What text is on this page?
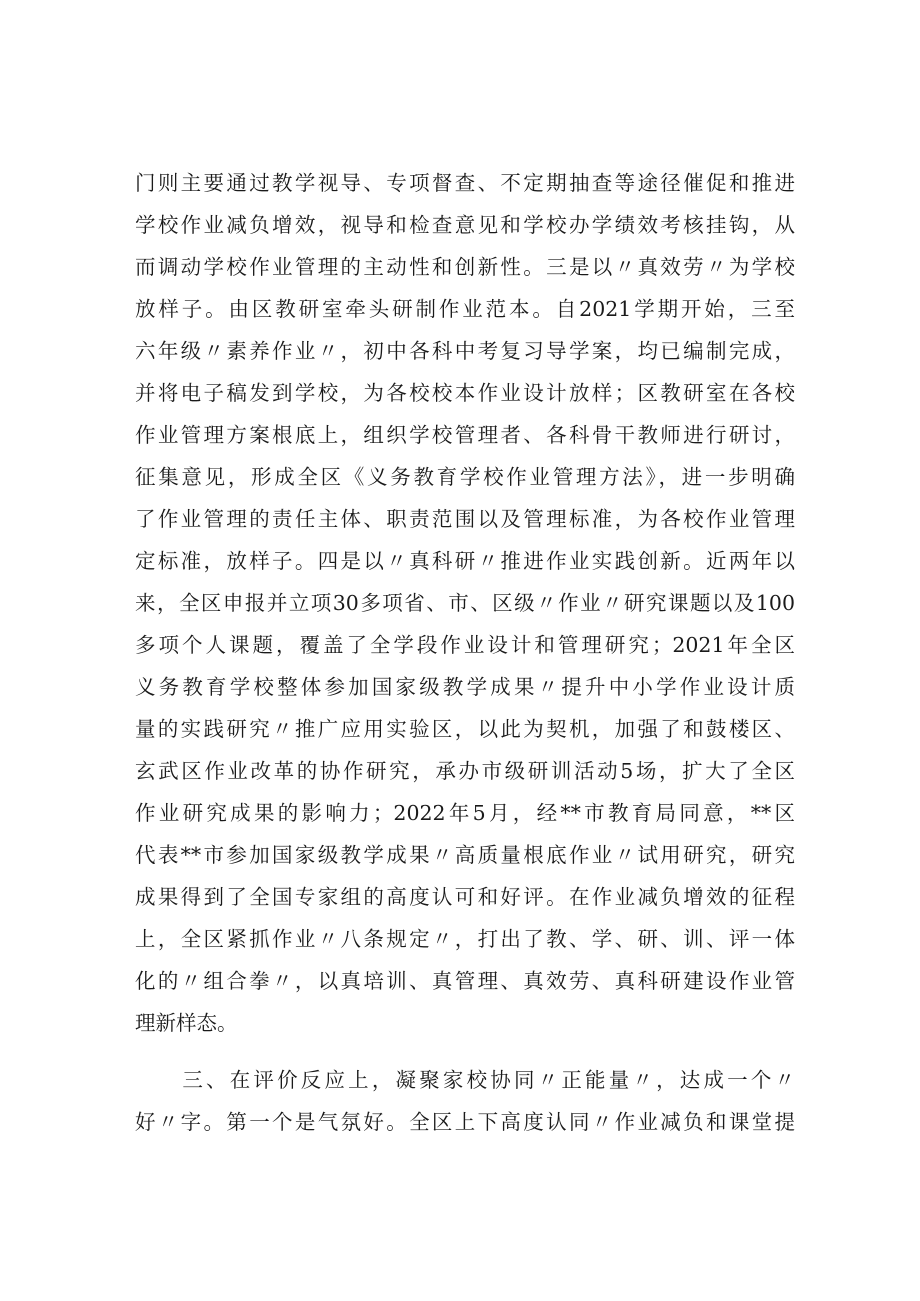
门则主要通过教学视导、专项督查、不定期抽查等途径催促和推进
学校作业减负增效，视导和检查意见和学校办学绩效考核挂钩，从
而调动学校作业管理的主动性和创新性。三是以〃真效劳〃为学校
放样子。由区教研室牵头研制作业范本。自2021学期开始，三至
六年级〃素养作业〃，初中各科中考复习导学案，均已编制完成，
并将电子稿发到学校，为各校校本作业设计放样；区教研室在各校
作业管理方案根底上，组织学校管理者、各科骨干教师进行研讨，
征集意见，形成全区《义务教育学校作业管理方法》，进一步明确
了作业管理的责任主体、职责范围以及管理标准，为各校作业管理
定标准，放样子。四是以〃真科研〃推进作业实践创新。近两年以
来，全区申报并立项30多项省、市、区级〃作业〃研究课题以及100
多项个人课题，覆盖了全学段作业设计和管理研究；2021年全区
义务教育学校整体参加国家级教学成果〃提升中小学作业设计质
量的实践研究〃推广应用实验区，以此为契机，加强了和鼓楼区、
玄武区作业改革的协作研究，承办市级研训活动5场，扩大了全区
作业研究成果的影响力；2022年5月，经**市教育局同意，**区
代表**市参加国家级教学成果〃高质量根底作业〃试用研究，研究
成果得到了全国专家组的高度认可和好评。在作业减负增效的征程
上，全区紧抓作业〃八条规定〃，打出了教、学、研、训、评一体
化的〃组合拳〃，以真培训、真管理、真效劳、真科研建设作业管
理新样态。
　　三、在评价反应上，凝聚家校协同〃正能量〃，达成一个〃
好〃字。第一个是气氛好。全区上下高度认同〃作业减负和课堂提
